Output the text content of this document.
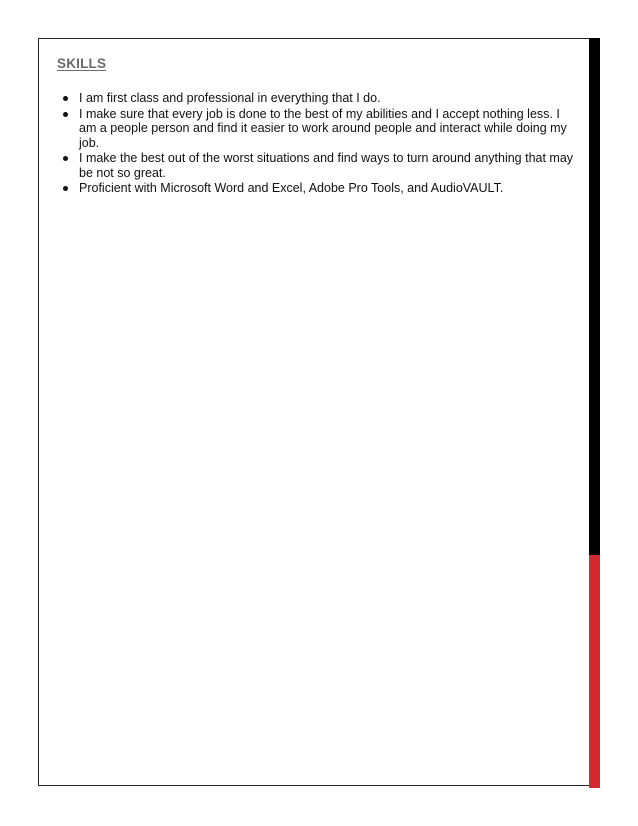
SKILLS
I am first class and professional in everything that I do.
I make sure that every job is done to the best of my abilities and I accept nothing less. I am a people person and find it easier to work around people and interact while doing my job.
I make the best out of the worst situations and find ways to turn around anything that may be not so great.
Proficient with Microsoft Word and Excel, Adobe Pro Tools, and AudioVAULT.
